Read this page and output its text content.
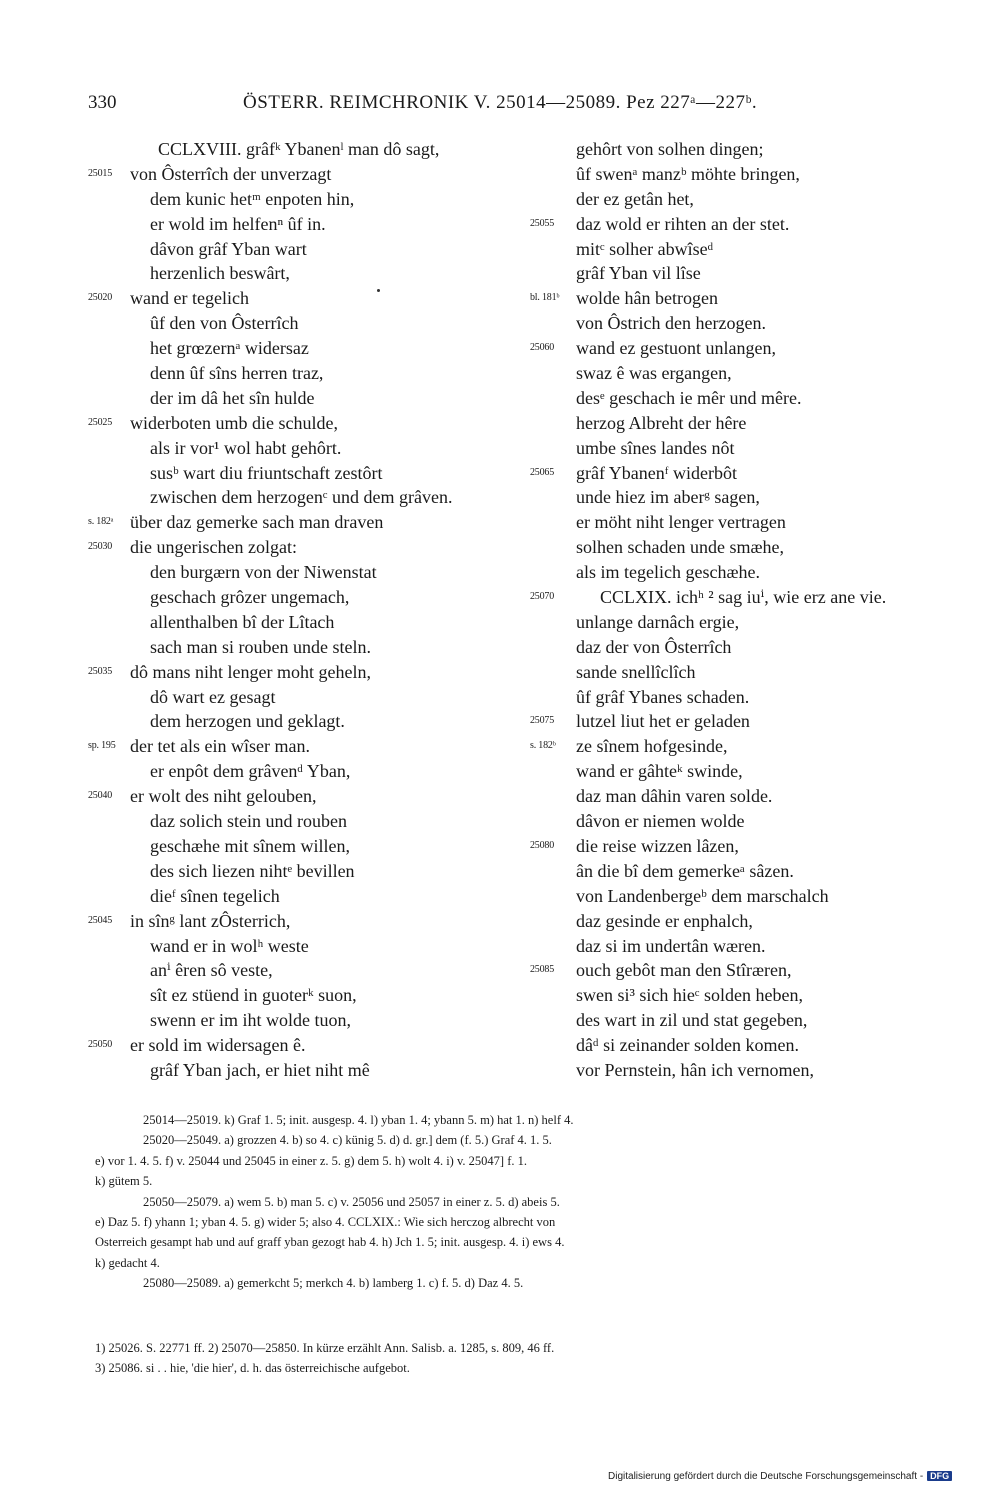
330	ÖSTERR. REIMCHRONIK V. 25014—25089. Pez 227ᵃ—227ᵇ.
CCLXVIII. grâfᵏ Ybanenˡ man dô sagt,
25015 von Ôsterrîch der unverzagt
dem kunic hetᵐ enpoten hin,
er wold im helfenⁿ ûf in.
dâvon grâf Yban wart
herzenlich beswârt,
25020 wand er tegelich
ûf den von Ôsterrîch
het grœzernᵃ widersaz
denn ûf sîns herren traz,
der im dâ het sîn hulde
25025 widerboten umb die schulde,
als ir vor¹ wol habt gehôrt.
susᵇ wart diu friuntschaft zestôrt
zwischen dem herzogenᶜ und dem grâven.
s. 182ᵃ über daz gemerke sach man draven
25030 die ungerischen zolgat:
den burgærn von der Niwenstat
geschach grôzer ungemach,
allenthalben bî der Lîtach
sach man si rouben unde steln.
25035 dô mans niht lenger moht geheln,
dô wart ez gesagt
dem herzogen und geklagt.
sp. 195 der tet als ein wîser man.
er enpôt dem grâvenᵈ Yban,
25040 er wolt des niht gelouben,
daz solich stein und rouben
geschæhe mit sînem willen,
des sich liezen nihtᵉ bevillen
dieᶠ sînen tegelich
25045 in sînᵍ lant zÔsterrich,
wand er in wolʰ weste
anⁱ êren sô veste,
sît ez stüend in guoterᵏ suon,
swenn er im iht wolde tuon,
25050 er sold im widersagen ê.
grâf Yban jach, er hiet niht mê
gehôrt von solhen dingen;
ûf swenᵃ manzᵇ möhte bringen,
der ez getân het,
25055	daz wold er rihten an der stet.
mitᶜ solher abwîseᵈ
grâf Yban vil lîse
bl. 181ᵇ wolde hân betrogen
von Ôstrich den herzogen.
25060	wand ez gestuont unlangen,
swaz ê was ergangen,
desᵉ geschach ie mêr und mêre.
herzog Albreht der hêre
umbe sînes landes nôt
25065	grâf Ybanenᶠ widerbôt
unde hiez im aberᵍ sagen,
er möht niht lenger vertragen
solhen schaden unde smæhe,
als im tegelich geschæhe.
25070	CCLXIX. ichʰ ² sag iuⁱ, wie erz ane vie.
unlange darnâch ergie,
daz der von Ôsterrîch
sande snellîclîch
ûf grâf Ybanes schaden.
25075	lutzel liut het er geladen
s. 182ᵇ	ze sînem hofgesinde,
wand er gâhteᵏ swinde,
daz man dâhin varen solde.
dâvon er niemen wolde
25080	die reise wizzen lâzen,
ân die bî dem gemerkeᵃ sâzen.
von Landenbergeᵇ dem marschalch
daz gesinde er enphalch,
daz si im undertân wæren.
25085	ouch gebôt man den Stîræren,
swen si³ sich hieᶜ solden heben,
des wart in zil und stat gegeben,
dâᵈ si zeinander solden komen.
vor Pernstein, hân ich vernomen,
25014—25019. k) Graf 1. 5; init. ausgesp. 4. l) yban 1. 4; ybann 5. m) hat 1. n) helf 4.
25020—25049. a) grozzen 4. b) so 4. c) künig 5. d) d. gr.] dem (f. 5.) Graf 4. 1. 5.
e) vor 1. 4. 5. f) v. 25044 und 25045 in einer z. 5. g) dem 5. h) wolt 4. i) v. 25047] f. 1.
k) gütem 5.
25050—25079. a) wem 5. b) man 5. c) v. 25056 und 25057 in einer z. 5. d) abeis 5.
e) Daz 5. f) yhann 1; yban 4. 5. g) wider 5; also 4. CCLXIX.: Wie sich herczog albrecht von
Osterreich gesampt hab und auf graff yban gezogt hab 4. h) Jch 1. 5; init. ausgesp. 4. i) ews 4.
k) gedacht 4.
25080—25089. a) gemerkcht 5; merkch 4. b) lamberg 1. c) f. 5. d) Daz 4. 5.
1) 25026. S. 22771 ff. 2) 25070—25850. In kürze erzählt Ann. Salisb. a. 1285, s. 809, 46 ff.
3) 25086. si . . hie, 'die hier', d. h. das österreichische aufgebot.
Digitalisierung gefördert durch die Deutsche Forschungsgemeinschaft - DFG
